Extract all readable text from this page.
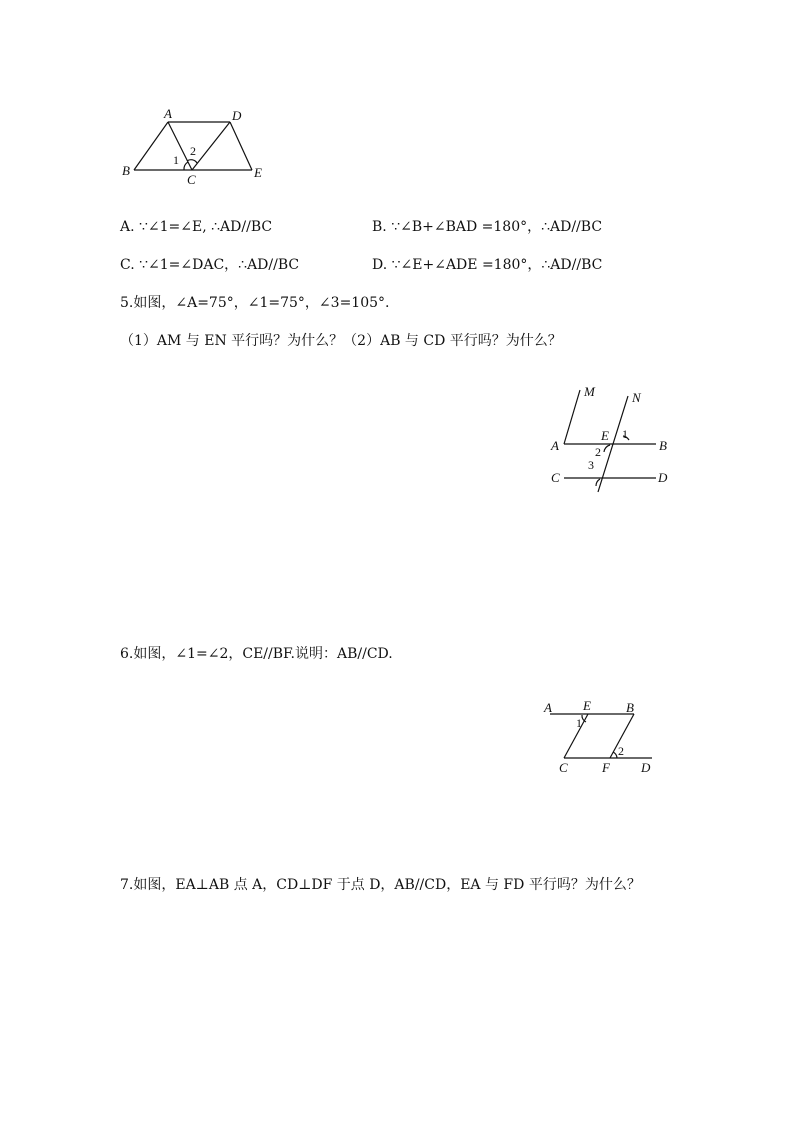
A	D
B
C	E
1
2
A. ∵∠1=∠E, ∴AD//BC	B. ∵∠B+∠BAD =180°，∴AD//BC
C. ∵∠1=∠DAC，∴AD//BC	D. ∵∠E+∠ADE =180°，∴AD//BC
5.如图，∠A=75°，∠1=75°，∠3=105°.
（1）AM 与 EN 平行吗？为什么？（2）AB 与 CD 平行吗？为什么？
M	N
A
E
B
C	D
1
2
3
6.如图，∠1=∠2，CE//BF.说明：AB//CD.
A E	B
C	F D
1
2
7.如图，EA⊥AB 点 A，CD⊥DF 于点 D，AB//CD，EA 与 FD 平行吗？为什么？
